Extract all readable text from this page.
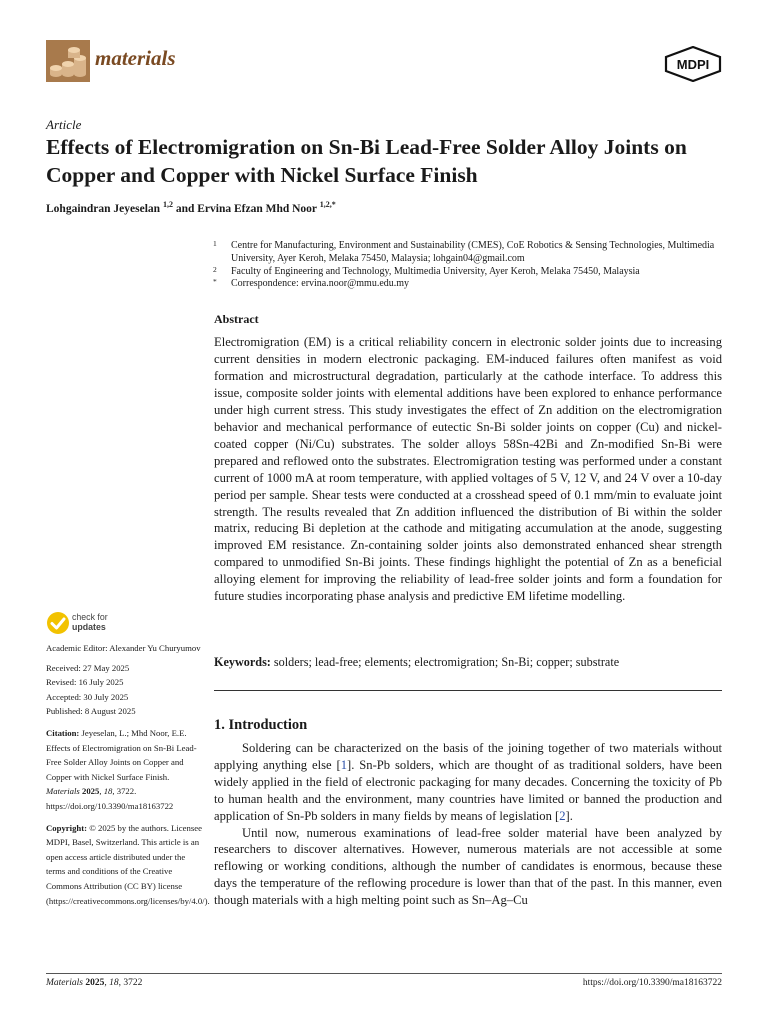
materials	MDPI
Article
Effects of Electromigration on Sn-Bi Lead-Free Solder Alloy Joints on Copper and Copper with Nickel Surface Finish
Lohgaindran Jeyeselan $^{1,2}$ and Ervina Efzan Mhd Noor $^{1,2,*}$
1 Centre for Manufacturing, Environment and Sustainability (CMES), CoE Robotics & Sensing Technologies, Multimedia University, Ayer Keroh, Melaka 75450, Malaysia; lohgain04@gmail.com
2 Faculty of Engineering and Technology, Multimedia University, Ayer Keroh, Melaka 75450, Malaysia
* Correspondence: ervina.noor@mmu.edu.my
Abstract

Electromigration (EM) is a critical reliability concern in electronic solder joints due to increasing current densities in modern electronic packaging. EM-induced failures often manifest as void formation and microstructural degradation, particularly at the cathode interface. To address this issue, composite solder joints with elemental additions have been explored to enhance performance under high current stress. This study investigates the effect of Zn addition on the electromigration behavior and mechanical performance of eutectic Sn-Bi solder joints on copper (Cu) and nickel-coated copper (Ni/Cu) substrates. The solder alloys 58Sn-42Bi and Zn-modified Sn-Bi were prepared and reflowed onto the substrates. Electromigration testing was performed under a constant current of 1000 mA at room temperature, with applied voltages of 5 V, 12 V, and 24 V over a 10-day period per sample. Shear tests were conducted at a crosshead speed of 0.1 mm/min to evaluate joint strength. The results revealed that Zn addition influenced the distribution of Bi within the solder matrix, reducing Bi depletion at the cathode and mitigating accumulation at the anode, suggesting improved EM resistance. Zn-containing solder joints also demonstrated enhanced shear strength compared to unmodified Sn-Bi joints. These findings highlight the potential of Zn as a beneficial alloying element for improving the reliability of lead-free solder joints and form a foundation for future studies incorporating phase analysis and predictive EM lifetime modelling.

Keywords: solders; lead-free; elements; electromigration; Sn-Bi; copper; substrate
check for
updates

Academic Editor: Alexander Yu Churyumov

Received: 27 May 2025

Revised: 16 July 2025

Accepted: 30 July 2025

Published: 8 August 2025

Citation: Jeyeselan, L.; Mhd Noor, E.E. Effects of Electromigration on Sn-Bi Lead-Free Solder Alloy Joints on Copper and Copper with Nickel Surface Finish. Materials 2025, 18, 3722. https://doi.org/10.3390/ma18163722

Copyright: © 2025 by the authors. Licensee MDPI, Basel, Switzerland. This article is an open access article distributed under the terms and conditions of the Creative Commons Attribution (CC BY) license (https://creativecommons.org/licenses/by/4.0/).

1. Introduction

Soldering can be characterized on the basis of the joining together of two materials without applying anything else [1]. Sn-Pb solders, which are thought of as traditional solders, have been widely applied in the field of electronic packaging for many decades. Concerning the toxicity of Pb to human health and the environment, many countries have limited or banned the production and application of Sn-Pb solders in many fields by means of legislation [2].

Until now, numerous examinations of lead-free solder material have been analyzed by researchers to discover alternatives. However, numerous materials are not accessible at some reflowing or working conditions, although the number of candidates is enormous, because these days the temperature of the reflowing procedure is lower than that of the past. In this manner, even though materials with a high melting point such as Sn–Ag–Cu

Materials 2025, 18, 3722	https://doi.org/10.3390/ma18163722
